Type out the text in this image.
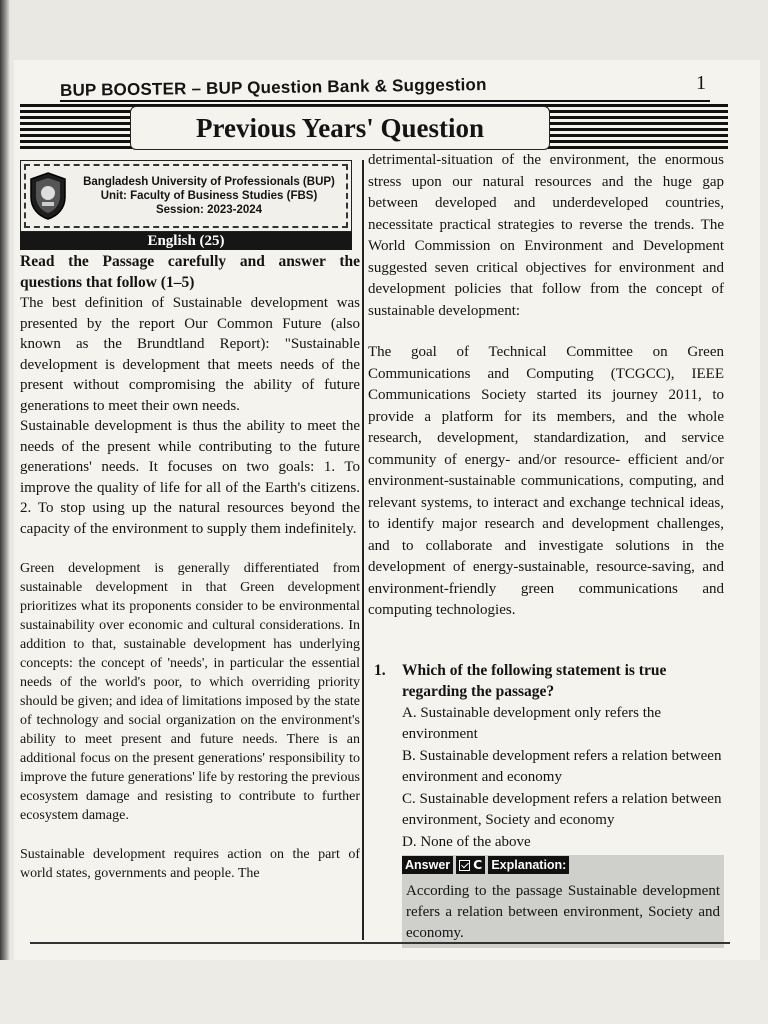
BUP BOOSTER – BUP Question Bank & Suggestion	1
Previous Years' Question
Bangladesh University of Professionals (BUP)
Unit: Faculty of Business Studies (FBS)
Session: 2023-2024
English (25)

Read the Passage carefully and answer the questions that follow (1–5)

The best definition of Sustainable development was presented by the report Our Common Future (also known as the Brundtland Report): "Sustainable development is development that meets needs of the present without compromising the ability of future generations to meet their own needs.

Sustainable development is thus the ability to meet the needs of the present while contributing to the future generations' needs. It focuses on two goals: 1. To improve the quality of life for all of the Earth's citizens. 2. To stop using up the natural resources beyond the capacity of the environment to supply them indefinitely.

Green development is generally differentiated from sustainable development in that Green development prioritizes what its proponents consider to be environmental sustainability over economic and cultural considerations. In addition to that, sustainable development has underlying concepts: the concept of 'needs', in particular the essential needs of the world's poor, to which overriding priority should be given; and idea of limitations imposed by the state of technology and social organization on the environment's ability to meet present and future needs. There is an additional focus on the present generations' responsibility to improve the future generations' life by restoring the previous ecosystem damage and resisting to contribute to further ecosystem damage.

Sustainable development requires action on the part of world states, governments and people. The

detrimental-situation of the environment, the enormous stress upon our natural resources and the huge gap between developed and underdeveloped countries, necessitate practical strategies to reverse the trends. The World Commission on Environment and Development suggested seven critical objectives for environment and development policies that follow from the concept of sustainable development:

The goal of Technical Committee on Green Communications and Computing (TCGCC), IEEE Communications Society started its journey 2011, to provide a platform for its members, and the whole research, development, standardization, and service community of energy- and/or resource- efficient and/or environment-sustainable communications, computing, and relevant systems, to interact and exchange technical ideas, to identify major research and development challenges, and to collaborate and investigate solutions in the development of energy-sustainable, resource-saving, and environment-friendly green communications and computing technologies.

1.	Which of the following statement is true regarding the passage?
A. Sustainable development only refers the environment
B. Sustainable development refers a relation between environment and economy
C. Sustainable development refers a relation between environment, Society and economy
D. None of the above
Answer C Explanation:
According to the passage Sustainable development refers a relation between environment, Society and economy.
